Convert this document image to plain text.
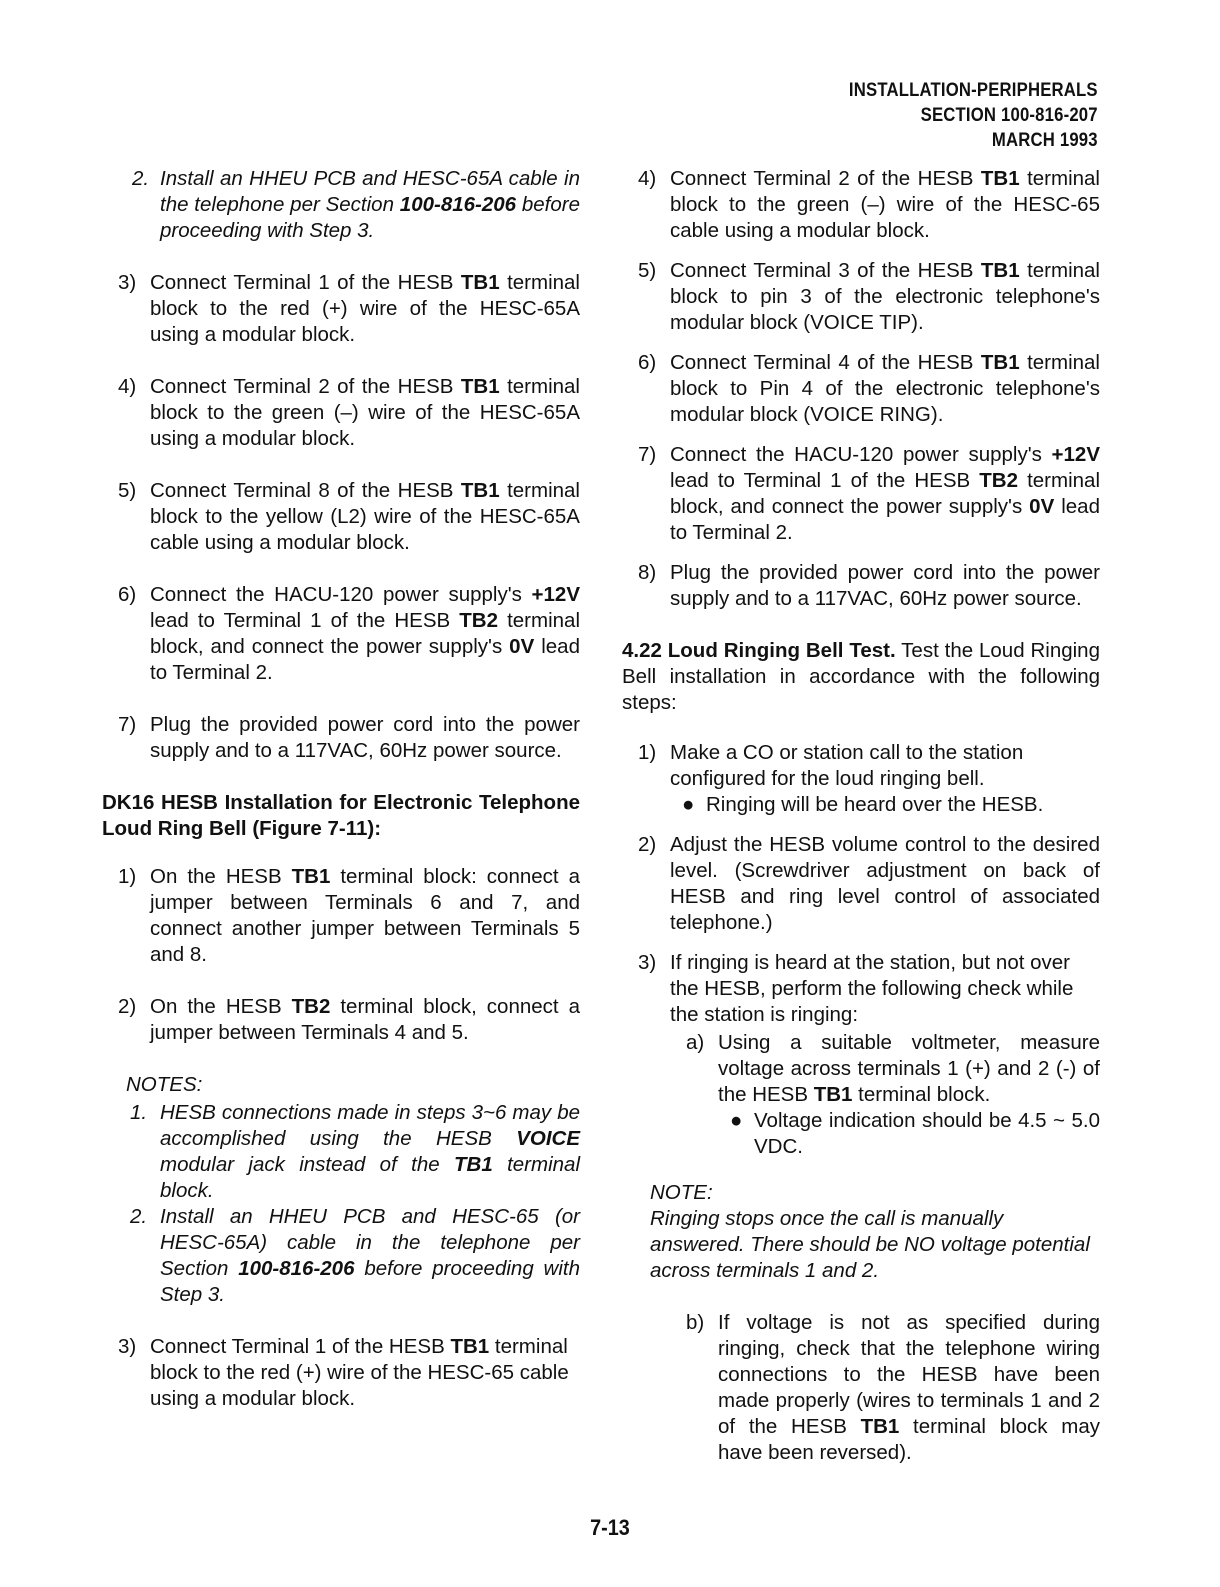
INSTALLATION-PERIPHERALS
SECTION 100-816-207
MARCH 1993
2. Install an HHEU PCB and HESC-65A cable in the telephone per Section 100-816-206 before proceeding with Step 3.
3) Connect Terminal 1 of the HESB TB1 terminal block to the red (+) wire of the HESC-65A using a modular block.
4) Connect Terminal 2 of the HESB TB1 terminal block to the green (–) wire of the HESC-65A using a modular block.
5) Connect Terminal 8 of the HESB TB1 terminal block to the yellow (L2) wire of the HESC-65A cable using a modular block.
6) Connect the HACU-120 power supply's +12V lead to Terminal 1 of the HESB TB2 terminal block, and connect the power supply's 0V lead to Terminal 2.
7) Plug the provided power cord into the power supply and to a 117VAC, 60Hz power source.
DK16 HESB Installation for Electronic Telephone Loud Ring Bell (Figure 7-11):
1) On the HESB TB1 terminal block: connect a jumper between Terminals 6 and 7, and connect another jumper between Terminals 5 and 8.
2) On the HESB TB2 terminal block, connect a jumper between Terminals 4 and 5.
NOTES:
1. HESB connections made in steps 3~6 may be accomplished using the HESB VOICE modular jack instead of the TB1 terminal block.
2. Install an HHEU PCB and HESC-65 (or HESC-65A) cable in the telephone per Section 100-816-206 before proceeding with Step 3.
3) Connect Terminal 1 of the HESB TB1 terminal block to the red (+) wire of the HESC-65 cable using a modular block.
4) Connect Terminal 2 of the HESB TB1 terminal block to the green (–) wire of the HESC-65 cable using a modular block.
5) Connect Terminal 3 of the HESB TB1 terminal block to pin 3 of the electronic telephone's modular block (VOICE TIP).
6) Connect Terminal 4 of the HESB TB1 terminal block to Pin 4 of the electronic telephone's modular block (VOICE RING).
7) Connect the HACU-120 power supply's +12V lead to Terminal 1 of the HESB TB2 terminal block, and connect the power supply's 0V lead to Terminal 2.
8) Plug the provided power cord into the power supply and to a 117VAC, 60Hz power source.
4.22 Loud Ringing Bell Test. Test the Loud Ringing Bell installation in accordance with the following steps:
1) Make a CO or station call to the station configured for the loud ringing bell.
● Ringing will be heard over the HESB.
2) Adjust the HESB volume control to the desired level. (Screwdriver adjustment on back of HESB and ring level control of associated telephone.)
3) If ringing is heard at the station, but not over the HESB, perform the following check while the station is ringing:
a) Using a suitable voltmeter, measure voltage across terminals 1 (+) and 2 (-) of the HESB TB1 terminal block.
● Voltage indication should be 4.5 ~ 5.0 VDC.
NOTE:
Ringing stops once the call is manually answered. There should be NO voltage potential across terminals 1 and 2.
b) If voltage is not as specified during ringing, check that the telephone wiring connections to the HESB have been made properly (wires to terminals 1 and 2 of the HESB TB1 terminal block may have been reversed).
7-13
